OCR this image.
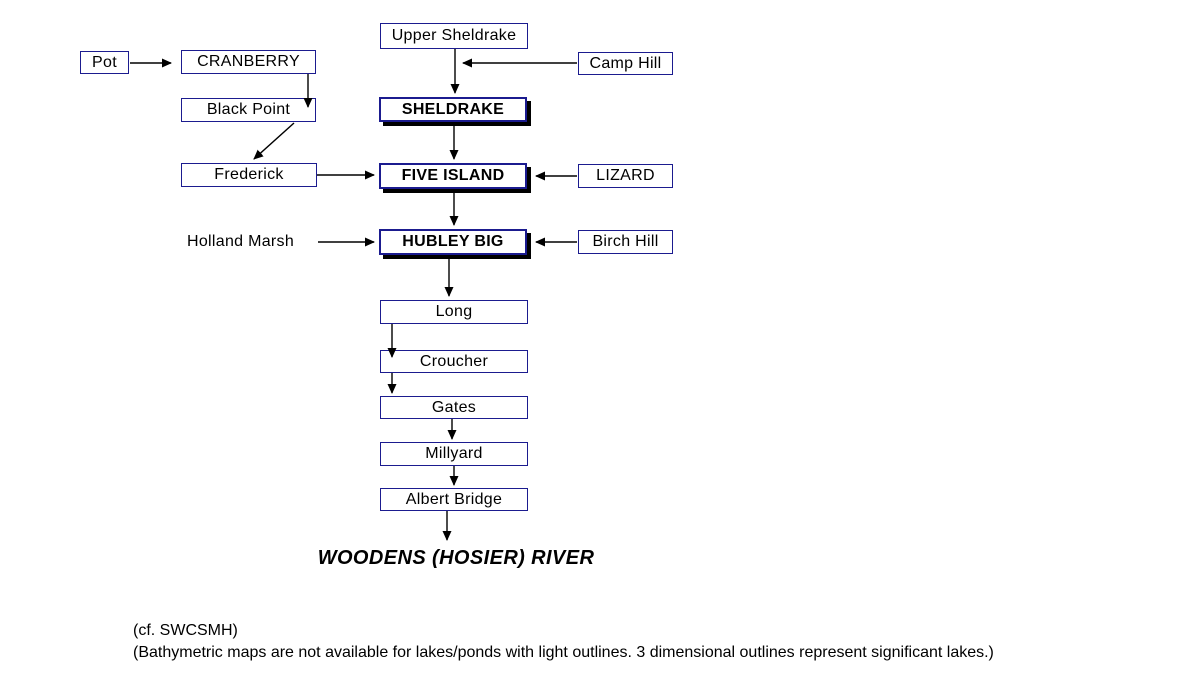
Pot	CRANBERRY
Black Point
Upper Sheldrake
Camp Hill
SHELDRAKE
Frederick	FIVE ISLAND	LIZARD
Holland Marsh	HUBLEY BIG	Birch Hill
Long
Croucher
Gates
Millyard
Albert Bridge
WOODENS (HOSIER) RIVER
(cf. SWCSMH)
(Bathymetric maps are not available for lakes/ponds with light outlines. 3 dimensional outlines represent significant lakes.)
